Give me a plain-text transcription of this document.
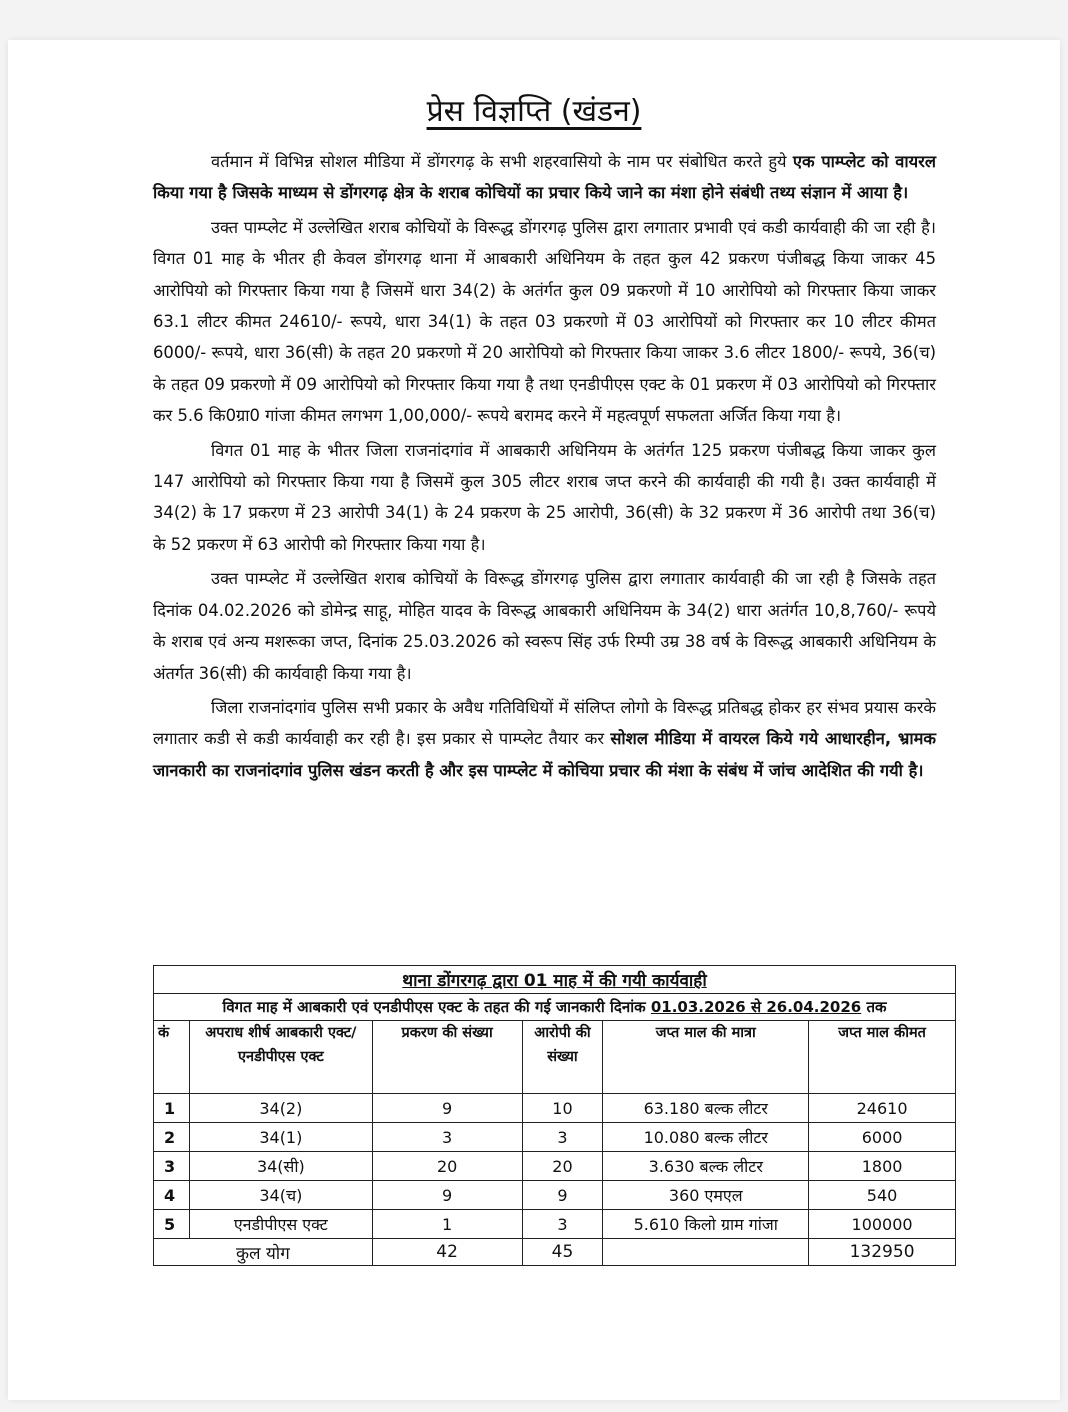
प्रेस विज्ञप्ति (खंडन)

वर्तमान में विभिन्न सोशल मीडिया में डोंगरगढ़ के सभी शहरवासियो के नाम पर संबोधित करते हुये एक पाम्प्लेट को वायरल किया गया है जिसके माध्यम से डोंगरगढ़ क्षेत्र के शराब कोचियों का प्रचार किये जाने का मंशा होने संबंधी तथ्य संज्ञान में आया है।

उक्त पाम्प्लेट में उल्लेखित शराब कोचियों के विरूद्ध डोंगरगढ़ पुलिस द्वारा लगातार प्रभावी एवं कडी कार्यवाही की जा रही है। विगत 01 माह के भीतर ही केवल डोंगरगढ़ थाना में आबकारी अधिनियम के तहत कुल 42 प्रकरण पंजीबद्ध किया जाकर 45 आरोपियो को गिरफ्तार किया गया है जिसमें धारा 34(2) के अतंर्गत कुल 09 प्रकरणो में 10 आरोपियो को गिरफ्तार किया जाकर 63.1 लीटर कीमत 24610/- रूपये, धारा 34(1) के तहत 03 प्रकरणो में 03 आरोपियों को गिरफ्तार कर 10 लीटर कीमत 6000/- रूपये, धारा 36(सी) के तहत 20 प्रकरणो में 20 आरोपियो को गिरफ्तार किया जाकर 3.6 लीटर 1800/- रूपये, 36(च) के तहत 09 प्रकरणो में 09 आरोपियो को गिरफ्तार किया गया है तथा एनडीपीएस एक्ट के 01 प्रकरण में 03 आरोपियो को गिरफ्तार कर 5.6 कि0ग्रा0 गांजा कीमत लगभग 1,00,000/- रूपये बरामद करने में महत्वपूर्ण सफलता अर्जित किया गया है।

विगत 01 माह के भीतर जिला राजनांदगांव में आबकारी अधिनियम के अतंर्गत 125 प्रकरण पंजीबद्ध किया जाकर कुल 147 आरोपियो को गिरफ्तार किया गया है जिसमें कुल 305 लीटर शराब जप्त करने की कार्यवाही की गयी है। उक्त कार्यवाही में 34(2) के 17 प्रकरण में 23 आरोपी 34(1) के 24 प्रकरण के 25 आरोपी, 36(सी) के 32 प्रकरण में 36 आरोपी तथा 36(च) के 52 प्रकरण में 63 आरोपी को गिरफ्तार किया गया है।

उक्त पाम्प्लेट में उल्लेखित शराब कोचियों के विरूद्ध डोंगरगढ़ पुलिस द्वारा लगातार कार्यवाही की जा रही है जिसके तहत दिनांक 04.02.2026 को डोमेन्द्र साहू, मोहित यादव के विरूद्ध आबकारी अधिनियम के 34(2) धारा अतंर्गत 10,8,760/- रूपये के शराब एवं अन्य मशरूका जप्त, दिनांक 25.03.2026 को स्वरूप सिंह उर्फ रिम्पी उम्र 38 वर्ष के विरूद्ध आबकारी अधिनियम के अंतर्गत 36(सी) की कार्यवाही किया गया है।

जिला राजनांदगांव पुलिस सभी प्रकार के अवैध गतिविधियों में संलिप्त लोगो के विरूद्ध प्रतिबद्ध होकर हर संभव प्रयास करके लगातार कडी से कडी कार्यवाही कर रही है। इस प्रकार से पाम्प्लेट तैयार कर सोशल मीडिया में वायरल किये गये आधारहीन, भ्रामक जानकारी का राजनांदगांव पुलिस खंडन करती है और इस पाम्प्लेट में कोचिया प्रचार की मंशा के संबंध में जांच आदेशित की गयी है।

थाना डोंगरगढ़ द्वारा 01 माह में की गयी कार्यवाही					
विगत माह में आबकारी एवं एनडीपीएस एक्ट के तहत की गई जानकारी दिनांक 01.03.2026 से 26.04.2026 तक					
कं	अपराध शीर्ष आबकारी एक्ट/एनडीपीएस एक्ट	प्रकरण की संख्या	आरोपी की संख्या	जप्त माल की मात्रा	जप्त माल कीमत
1	34(2)	9	10	63.180 बल्क लीटर	24610
2	34(1)	3	3	10.080 बल्क लीटर	6000
3	34(सी)	20	20	3.630 बल्क लीटर	1800
4	34(च)	9	9	360 एमएल	540
5	एनडीपीएस एक्ट	1	3	5.610 किलो ग्राम गांजा	100000
कुल योग		42	45		132950
